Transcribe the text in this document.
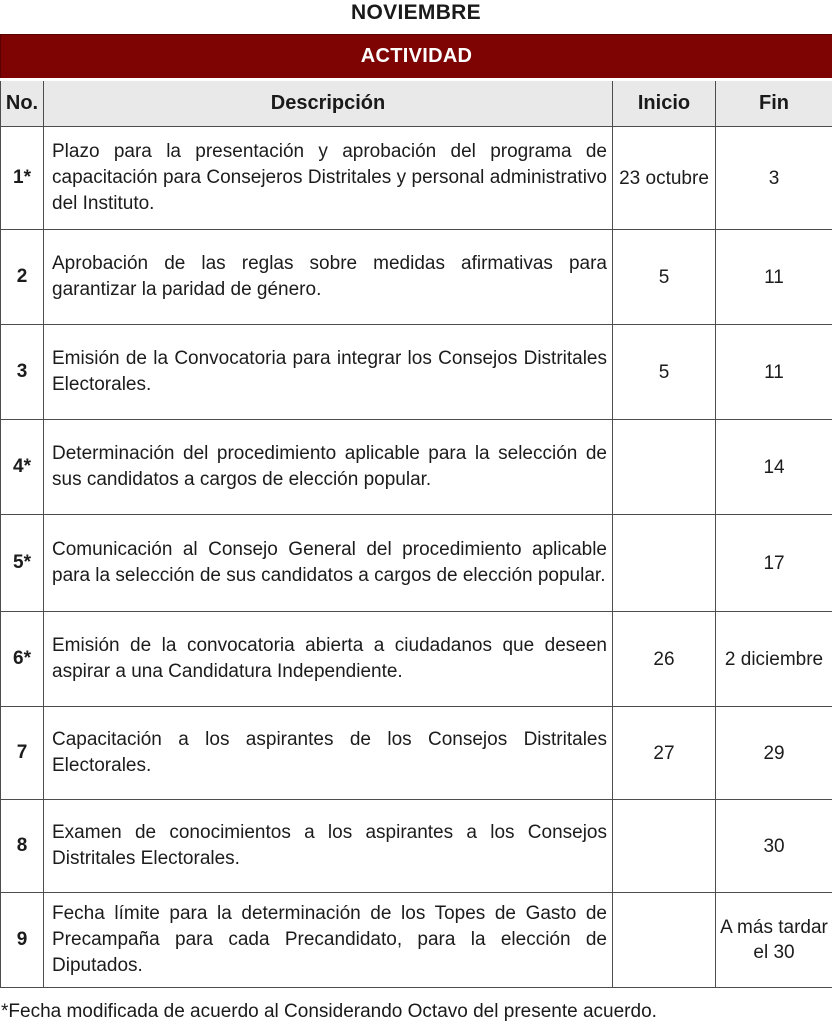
NOVIEMBRE
ACTIVIDAD			
No.	Descripción	Inicio	Fin
1*	Plazo para la presentación y aprobación del programa de capacitación para Consejeros Distritales y personal administrativo del Instituto.	23 octubre	3
2	Aprobación de las reglas sobre medidas afirmativas para garantizar la paridad de género.	5	11
3	Emisión de la Convocatoria para integrar los Consejos Distritales Electorales.	5	11
4*	Determinación del procedimiento aplicable para la selección de sus candidatos a cargos de elección popular.		14
5*	Comunicación al Consejo General del procedimiento aplicable para la selección de sus candidatos a cargos de elección popular.		17
6*	Emisión de la convocatoria abierta a ciudadanos que deseen aspirar a una Candidatura Independiente.	26	2 diciembre
7	Capacitación a los aspirantes de los Consejos Distritales Electorales.	27	29
8	Examen de conocimientos a los aspirantes a los Consejos Distritales Electorales.		30
9	Fecha límite para la determinación de los Topes de Gasto de Precampaña para cada Precandidato, para la elección de Diputados.		A más tardar el 30
*Fecha modificada de acuerdo al Considerando Octavo del presente acuerdo.
